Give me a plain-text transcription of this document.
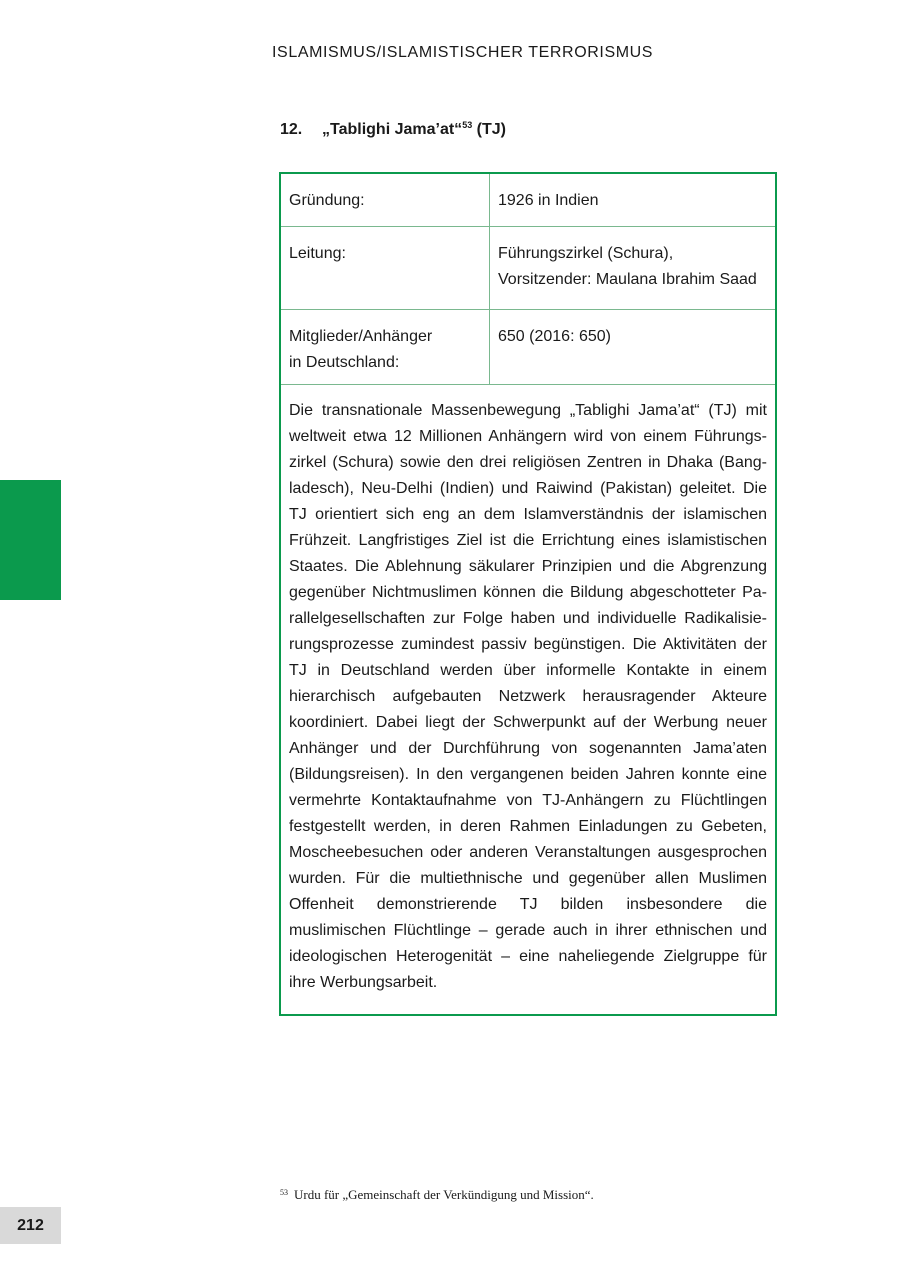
ISLAMISMUS/ISLAMISTISCHER TERRORISMUS
12. „Tablighi Jama’at“$^{53}$ (TJ)
Gründung:	1926 in Indien
Leitung:	Führungszirkel (Schura),
Vorsitzender: Maulana Ibrahim Saad
Mitglieder/Anhänger
in Deutschland:
650 (2016: 650)
Die transnationale Massenbewegung „Tablighi Jama’at“ (TJ) mit weltweit etwa 12 Millionen Anhängern wird von einem Führungszirkel (Schura) sowie den drei religiösen Zentren in Dhaka (Bangladesch), Neu-Delhi (Indien) und Raiwind (Pakistan) geleitet. Die TJ orientiert sich eng an dem Islamverständnis der islamischen Frühzeit. Langfristiges Ziel ist die Errichtung eines islamistischen Staates. Die Ablehnung säkularer Prinzipien und die Abgrenzung gegenüber Nichtmuslimen können die Bildung abgeschotteter Parallelgesellschaften zur Folge haben und individuelle Radikalisierungsprozesse zumindest passiv begünstigen. Die Aktivitäten der TJ in Deutschland werden über informelle Kontakte in einem hierarchisch aufgebauten Netzwerk herausragender Akteure koordiniert. Dabei liegt der Schwerpunkt auf der Werbung neuer Anhänger und der Durchführung von sogenannten Jama’aten (Bildungsreisen). In den vergangenen beiden Jahren konnte eine vermehrte Kontaktaufnahme von TJ-Anhängern zu Flüchtlingen festgestellt werden, in deren Rahmen Einladungen zu Gebeten, Moscheebesuchen oder anderen Veranstaltungen ausgesprochen wurden. Für die multiethnische und gegenüber allen Muslimen Offenheit demonstrierende TJ bilden insbesondere die muslimischen Flüchtlinge – gerade auch in ihrer ethnischen und ideologischen Heterogenität – eine naheliegende Zielgruppe für ihre Werbungsarbeit.
$^{53}$ Urdu für „Gemeinschaft der Verkündigung und Mission“.
212
